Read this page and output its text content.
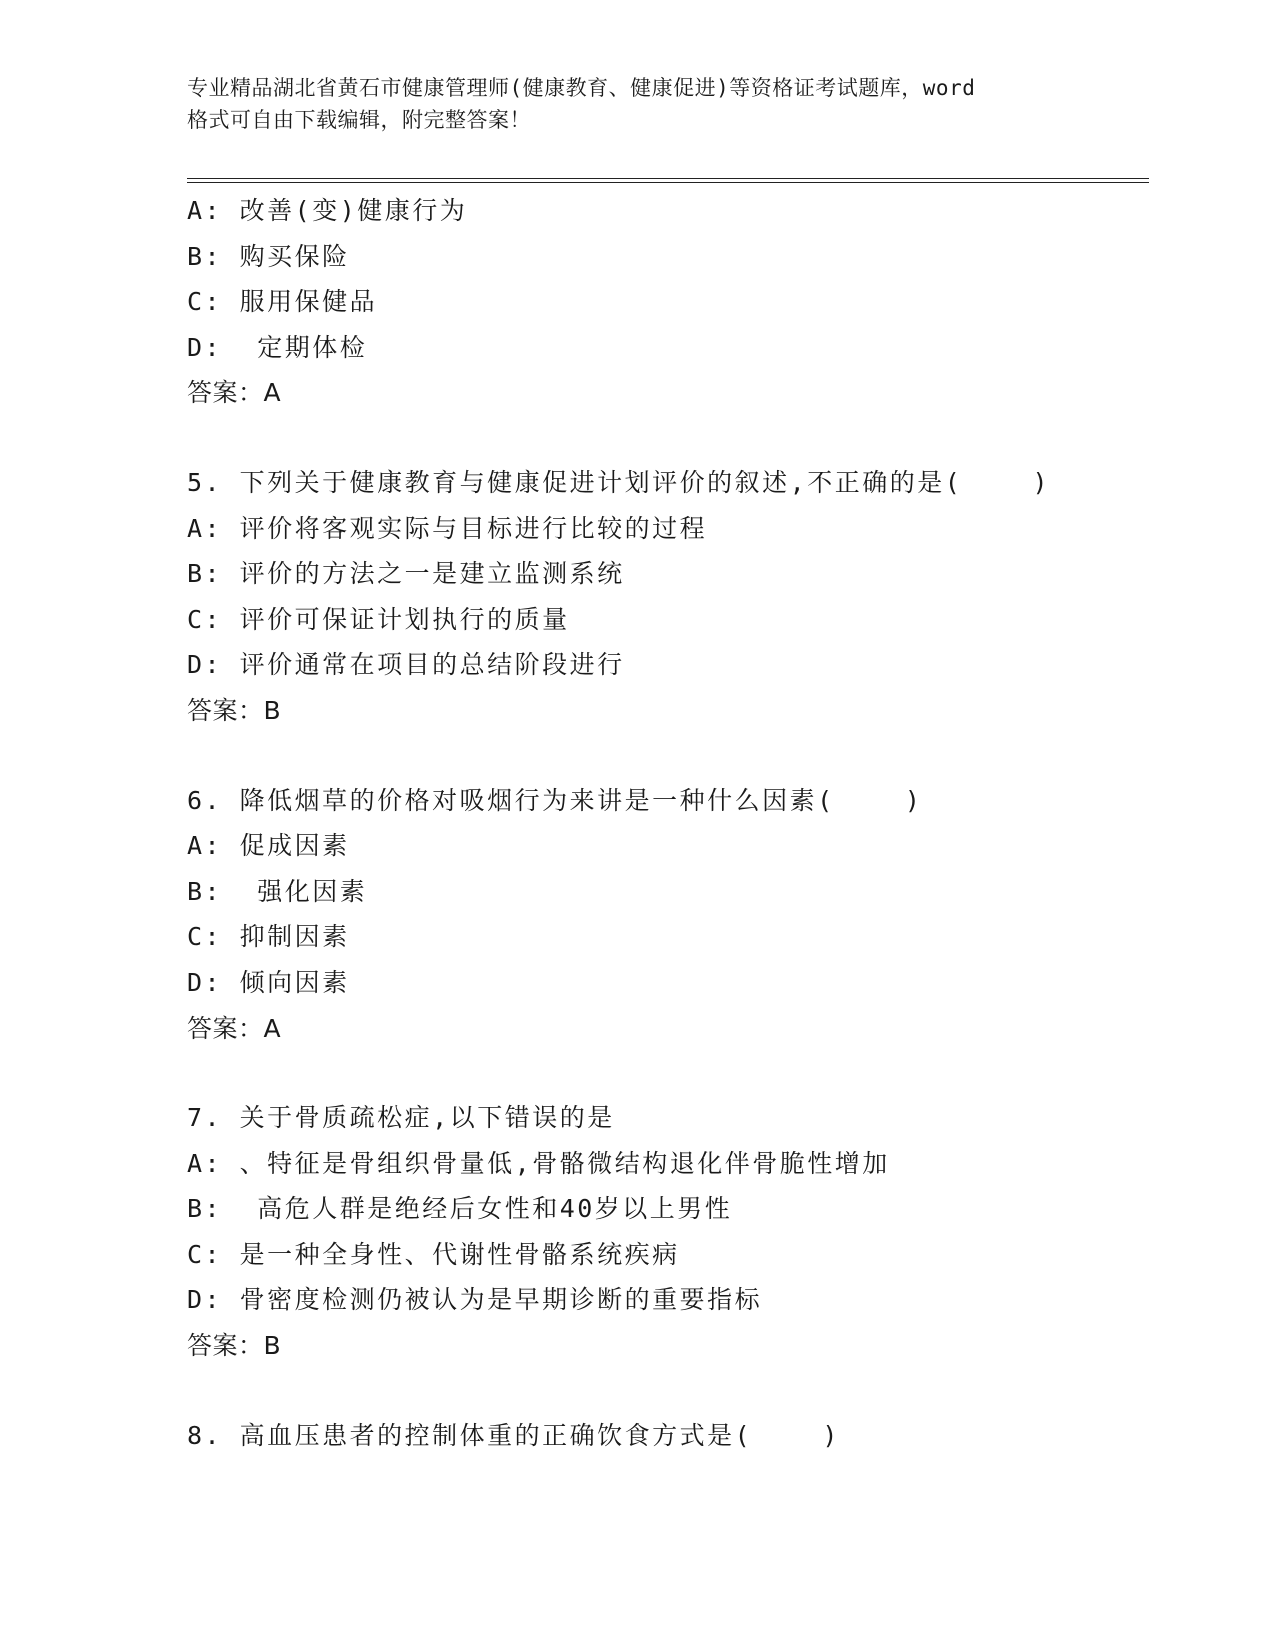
专业精品湖北省黄石市健康管理师(健康教育、健康促进)等资格证考试题库，word
格式可自由下载编辑，附完整答案！
A: 改善(变)健康行为
B: 购买保险
C: 服用保健品
D:  定期体检
答案：A
5. 下列关于健康教育与健康促进计划评价的叙述,不正确的是(    )
A: 评价将客观实际与目标进行比较的过程
B: 评价的方法之一是建立监测系统
C: 评价可保证计划执行的质量
D: 评价通常在项目的总结阶段进行
答案：B
6. 降低烟草的价格对吸烟行为来讲是一种什么因素(    )
A: 促成因素
B:  强化因素
C: 抑制因素
D: 倾向因素
答案：A
7. 关于骨质疏松症,以下错误的是
A: 、特征是骨组织骨量低,骨骼微结构退化伴骨脆性增加
B:  高危人群是绝经后女性和40岁以上男性
C: 是一种全身性、代谢性骨骼系统疾病
D: 骨密度检测仍被认为是早期诊断的重要指标
答案：B
8. 高血压患者的控制体重的正确饮食方式是(    )
